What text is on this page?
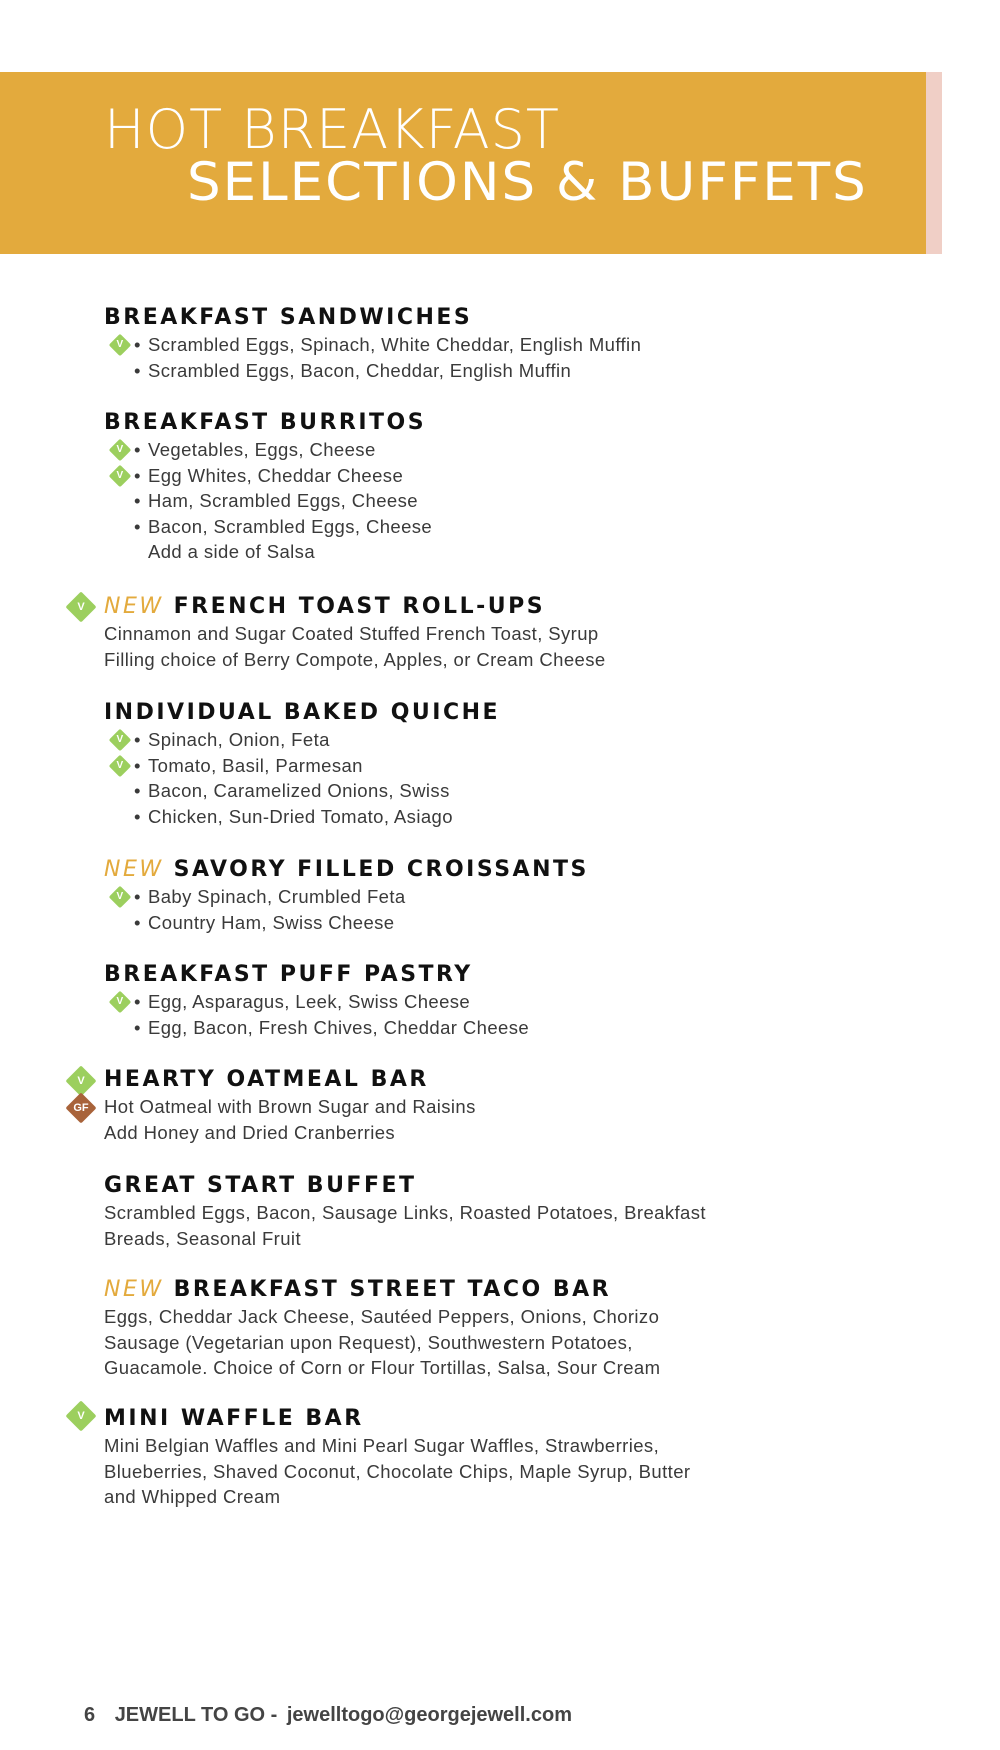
HOT BREAKFAST
SELECTIONS & BUFFETS
BREAKFAST SANDWICHES
V • Scrambled Eggs, Spinach, White Cheddar, English Muffin
• Scrambled Eggs, Bacon, Cheddar, English Muffin
BREAKFAST BURRITOS
V • Vegetables, Eggs, Cheese
V • Egg Whites, Cheddar Cheese
• Ham, Scrambled Eggs, Cheese
• Bacon, Scrambled Eggs, Cheese
Add a side of Salsa
V NEW FRENCH TOAST ROLL-UPS
Cinnamon and Sugar Coated Stuffed French Toast, Syrup
Filling choice of Berry Compote, Apples, or Cream Cheese
INDIVIDUAL BAKED QUICHE
V • Spinach, Onion, Feta
V • Tomato, Basil, Parmesan
• Bacon, Caramelized Onions, Swiss
• Chicken, Sun-Dried Tomato, Asiago
NEW SAVORY FILLED CROISSANTS
V • Baby Spinach, Crumbled Feta
• Country Ham, Swiss Cheese
BREAKFAST PUFF PASTRY
V • Egg, Asparagus, Leek, Swiss Cheese
• Egg, Bacon, Fresh Chives, Cheddar Cheese
V
GF
HEARTY OATMEAL BAR
Hot Oatmeal with Brown Sugar and Raisins
Add Honey and Dried Cranberries
GREAT START BUFFET
Scrambled Eggs, Bacon, Sausage Links, Roasted Potatoes, Breakfast
Breads, Seasonal Fruit
NEW BREAKFAST STREET TACO BAR
Eggs, Cheddar Jack Cheese, Sautéed Peppers, Onions, Chorizo
Sausage (Vegetarian upon Request), Southwestern Potatoes,
Guacamole. Choice of Corn or Flour Tortillas, Salsa, Sour Cream
V MINI WAFFLE BAR
Mini Belgian Waffles and Mini Pearl Sugar Waffles, Strawberries,
Blueberries, Shaved Coconut, Chocolate Chips, Maple Syrup, Butter
and Whipped Cream
6 JEWELL TO GO - jewelltogo@georgejewell.com
